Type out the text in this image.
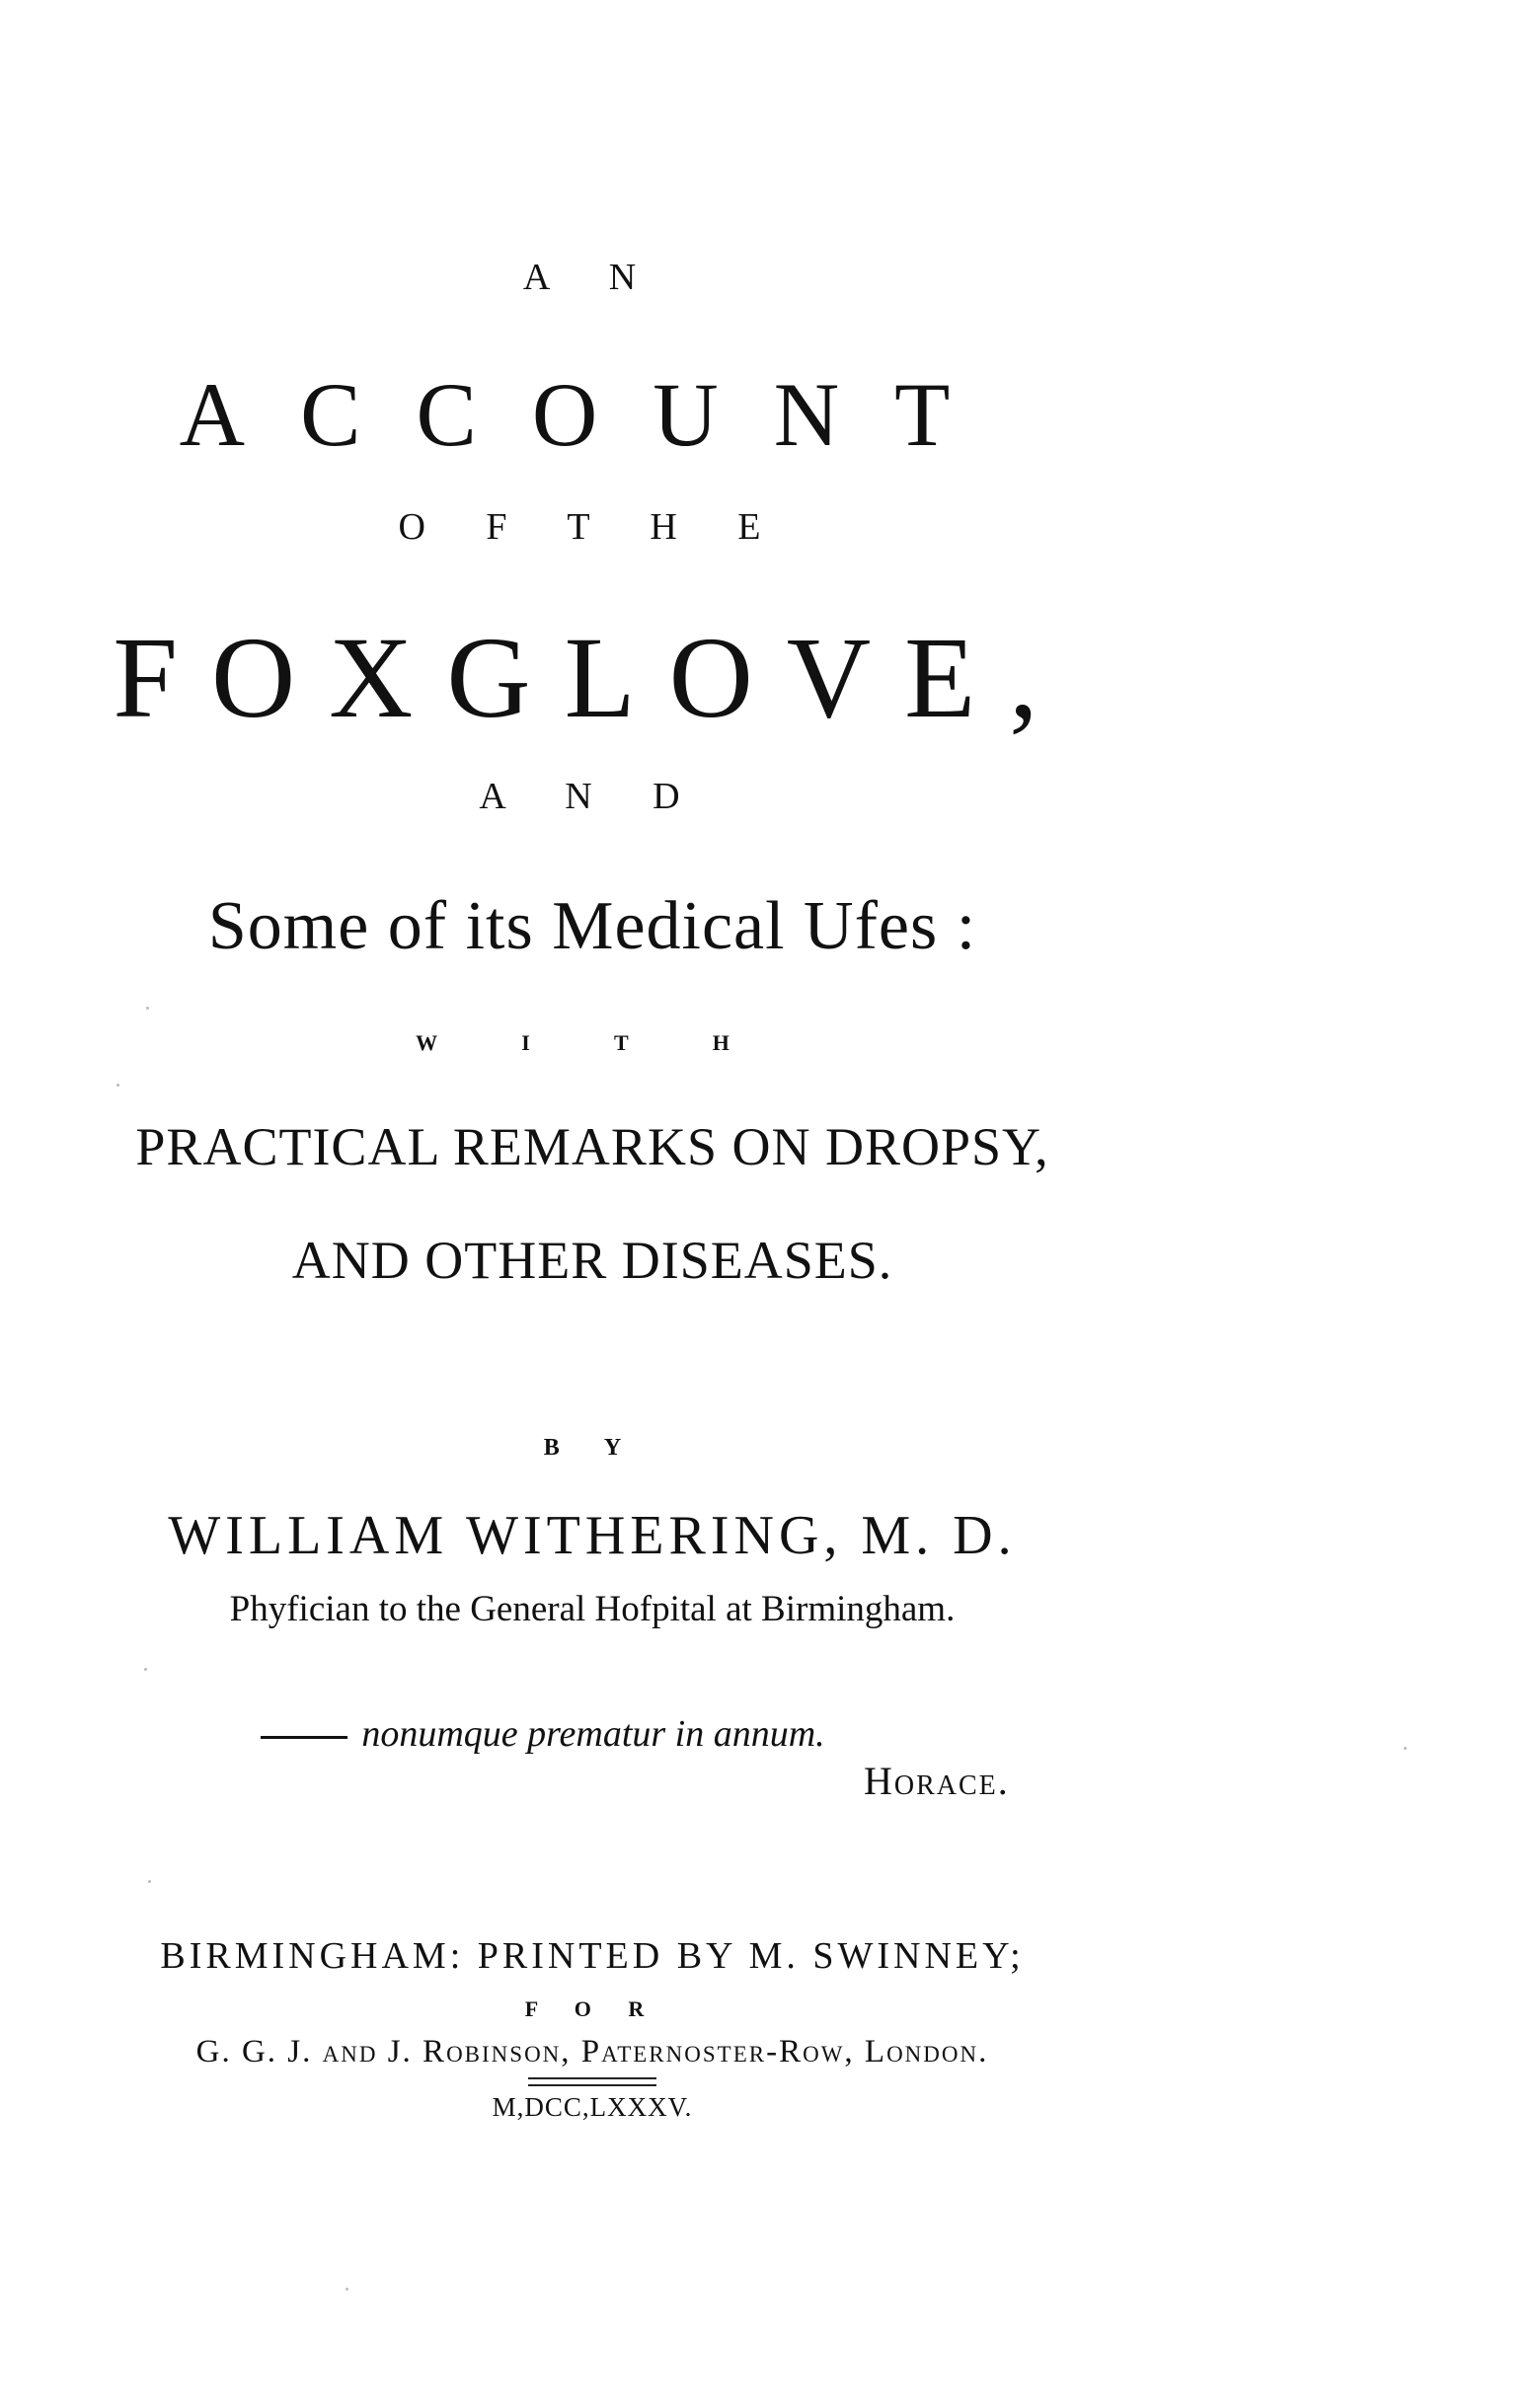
A N
ACCOUNT
O F T H E
FOXGLOVE,
A N D
Some of its Medical Ufes :
W I T H
PRACTICAL REMARKS ON DROPSY,
AND OTHER DISEASES.
B Y
WILLIAM WITHERING, M. D.
Phyfician to the General Hofpital at Birmingham.
nonumque prematur in annum.
Horace.
BIRMINGHAM: PRINTED BY M. SWINNEY;
F O R
G. G. J. and J. Robinson, Paternoster-Row, London.
M,DCC,LXXXV.
